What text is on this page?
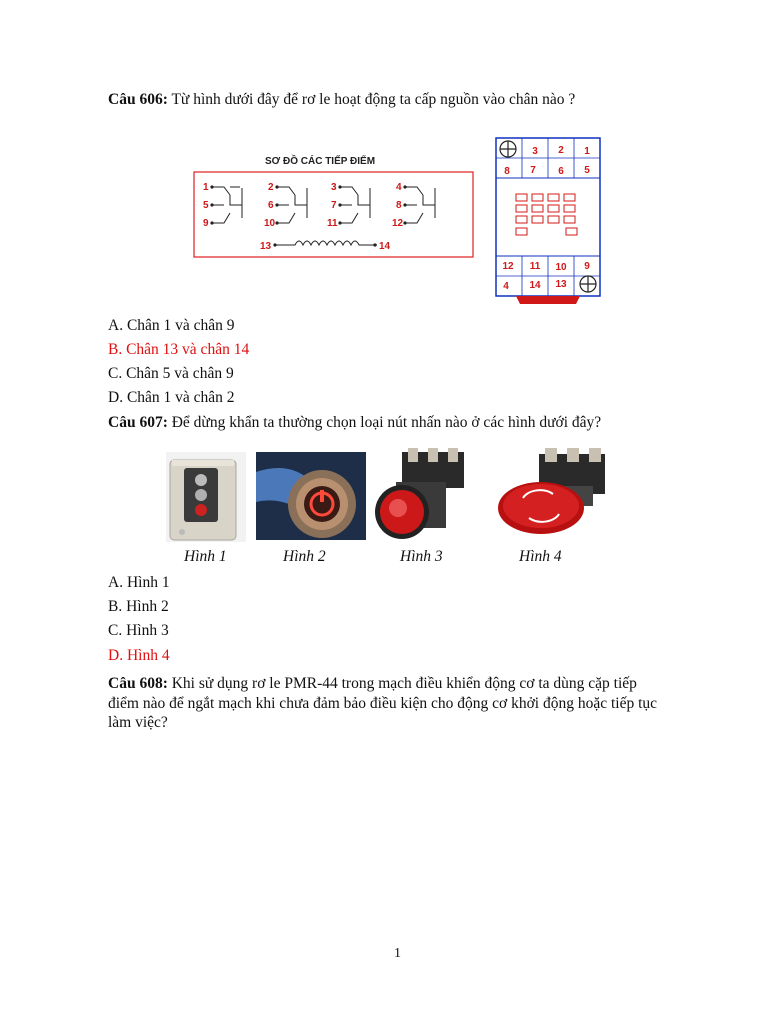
Câu 606: Từ hình dưới đây để rơ le hoạt động ta cấp nguồn vào chân nào ?
SƠ ĐỒ CÁC TIẾP ĐIỂM
1
5
9
2
6
10
3
7
11
4
8
12
13	14
3 2 1
8 7 6 5
12 11 10 9
4 14 13
A. Chân 1 và chân 9
B. Chân 13 và chân 14
C. Chân 5 và chân 9
D. Chân 1 và chân 2
Câu 607: Để dừng khẩn ta thường chọn loại nút nhấn nào ở các hình dưới đây?
Hình 1	Hình 2	Hình 3	Hình 4
A. Hình 1
B. Hình 2
C. Hình 3
D. Hình 4
Câu 608: Khi sử dụng rơ le PMR-44 trong mạch điều khiển động cơ ta dùng cặp tiếp điểm nào để ngắt mạch khi chưa đảm bảo điều kiện cho động cơ khởi động hoặc tiếp tục làm việc?
1
